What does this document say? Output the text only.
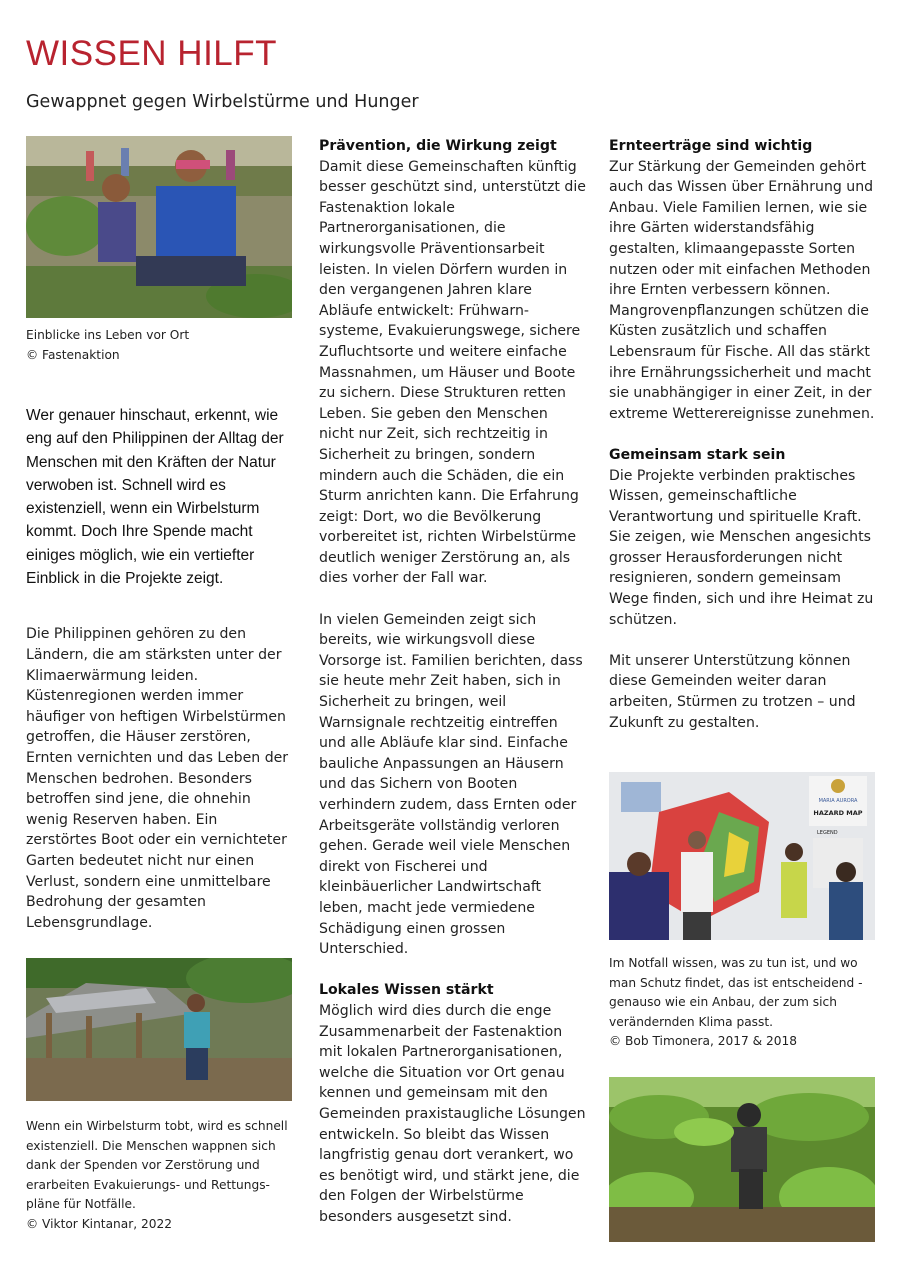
WISSEN HILFT
Gewappnet gegen Wirbelstürme und Hunger

Einblicke ins Leben vor Ort
© Fastenaktion

Wer genauer hinschaut, erkennt, wie eng auf den Philippinen der Alltag der Menschen mit den Kräften der Natur verwoben ist. Schnell wird es existenziell, wenn ein Wirbelsturm kommt. Doch Ihre Spende macht einiges möglich, wie ein vertiefter Einblick in die Projekte zeigt.

Die Philippinen gehören zu den Ländern, die am stärksten unter der Klimaerwärmung leiden. Küstenregionen werden immer häufiger von heftigen Wirbelstürmen getroffen, die Häuser zerstören, Ernten vernichten und das Leben der Menschen bedrohen. Besonders betroffen sind jene, die ohnehin wenig Reserven haben. Ein zerstörtes Boot oder ein vernichteter Garten bedeutet nicht nur einen Verlust, sondern eine unmittelbare Bedrohung der gesamten Lebensgrundlage.

Wenn ein Wirbelsturm tobt, wird es schnell existenziell. Die Menschen wappnen sich dank der Spenden vor Zerstörung und erarbeiten Evakuierungs- und Rettungspläne für Notfälle.
© Viktor Kintanar, 2022

Prävention, die Wirkung zeigt

Damit diese Gemeinschaften künftig besser geschützt sind, unterstützt die Fastenaktion lokale Partnerorganisationen, die wirkungsvolle Präventionsarbeit leisten. In vielen Dörfern wurden in den vergangenen Jahren klare Abläufe entwickelt: Frühwarnsysteme, Evakuierungswege, sichere Zufluchtsorte und weitere einfache Massnahmen, um Häuser und Boote zu sichern. Diese Strukturen retten Leben. Sie geben den Menschen nicht nur Zeit, sich rechtzeitig in Sicherheit zu bringen, sondern mindern auch die Schäden, die ein Sturm anrichten kann. Die Erfahrung zeigt: Dort, wo die Bevölkerung vorbereitet ist, richten Wirbelstürme deutlich weniger Zerstörung an, als dies vorher der Fall war.

In vielen Gemeinden zeigt sich bereits, wie wirkungsvoll diese Vorsorge ist. Familien berichten, dass sie heute mehr Zeit haben, sich in Sicherheit zu bringen, weil Warnsignale rechtzeitig eintreffen und alle Abläufe klar sind. Einfache bauliche Anpassungen an Häusern und das Sichern von Booten verhindern zudem, dass Ernten oder Arbeitsgeräte vollständig verloren gehen. Gerade weil viele Menschen direkt von Fischerei und kleinbäuerlicher Landwirtschaft leben, macht jede vermiedene Schädigung einen grossen Unterschied.

Lokales Wissen stärkt

Möglich wird dies durch die enge Zusammenarbeit der Fastenaktion mit lokalen Partnerorganisationen, welche die Situation vor Ort genau kennen und gemeinsam mit den Gemeinden praxistaugliche Lösungen entwickeln. So bleibt das Wissen langfristig genau dort verankert, wo es benötigt wird, und stärkt jene, die den Folgen der Wirbelstürme besonders ausgesetzt sind.

Ernteerträge sind wichtig

Zur Stärkung der Gemeinden gehört auch das Wissen über Ernährung und Anbau. Viele Familien lernen, wie sie ihre Gärten widerstandsfähig gestalten, klimaangepasste Sorten nutzen oder mit einfachen Methoden ihre Ernten verbessern können. Mangrovenpflanzungen schützen die Küsten zusätzlich und schaffen Lebensraum für Fische. All das stärkt ihre Ernährungssicherheit und macht sie unabhängiger in einer Zeit, in der extreme Wetterereignisse zunehmen.

Gemeinsam stark sein

Die Projekte verbinden praktisches Wissen, gemeinschaftliche Verantwortung und spirituelle Kraft. Sie zeigen, wie Menschen angesichts grosser Herausforderungen nicht resignieren, sondern gemeinsam Wege finden, sich und ihre Heimat zu schützen.

Mit unserer Unterstützung können diese Gemeinden weiter daran arbeiten, Stürmen zu trotzen – und Zukunft zu gestalten.

MARIA AURORA
HAZARD MAP
LEGEND

Im Notfall wissen, was zu tun ist, und wo man Schutz findet, das ist entscheidend - genauso wie ein Anbau, der zum sich verändernden Klima passt.
© Bob Timonera, 2017 & 2018
